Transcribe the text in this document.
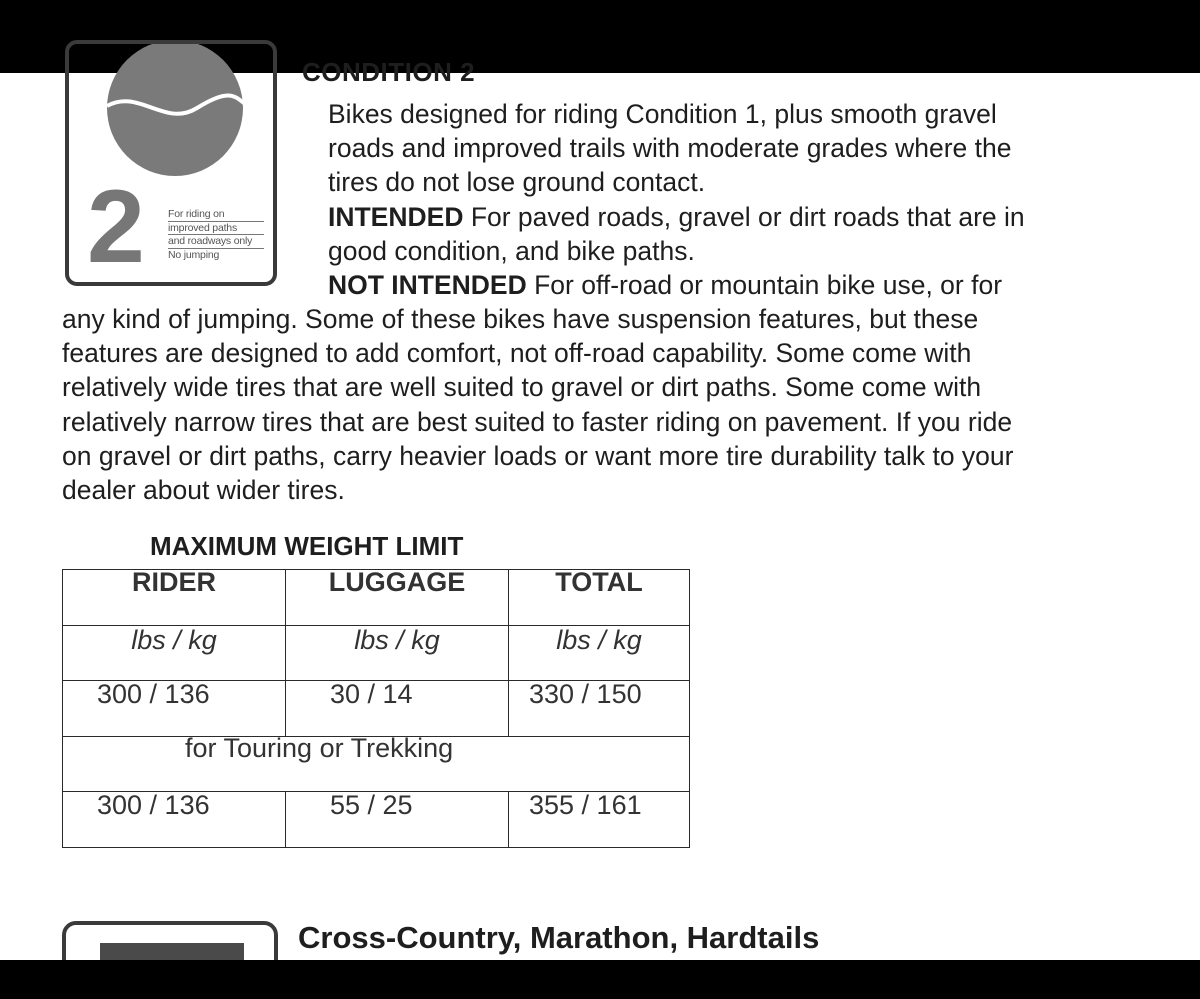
2 For riding on
improved paths
and roadways only
No jumping
CONDITION 2
Bikes designed for riding Condition 1, plus smooth gravel
roads and improved trails with moderate grades where the
tires do not lose ground contact.
INTENDED For paved roads, gravel or dirt roads that are in
good condition, and bike paths.
NOT INTENDED For off-road or mountain bike use, or for
any kind of jumping. Some of these bikes have suspension features, but these
features are designed to add comfort, not off-road capability. Some come with
relatively wide tires that are well suited to gravel or dirt paths. Some come with
relatively narrow tires that are best suited to faster riding on pavement. If you ride
on gravel or dirt paths, carry heavier loads or want more tire durability talk to your
dealer about wider tires.
MAXIMUM WEIGHT LIMIT
RIDER	LUGGAGE	TOTAL

lbs / kg	lbs / kg	lbs / kg

300 / 136	30 / 14	330 / 150

for Touring or Trekking		

300 / 136	55 / 25	355 / 161
Cross-Country, Marathon, Hardtails
